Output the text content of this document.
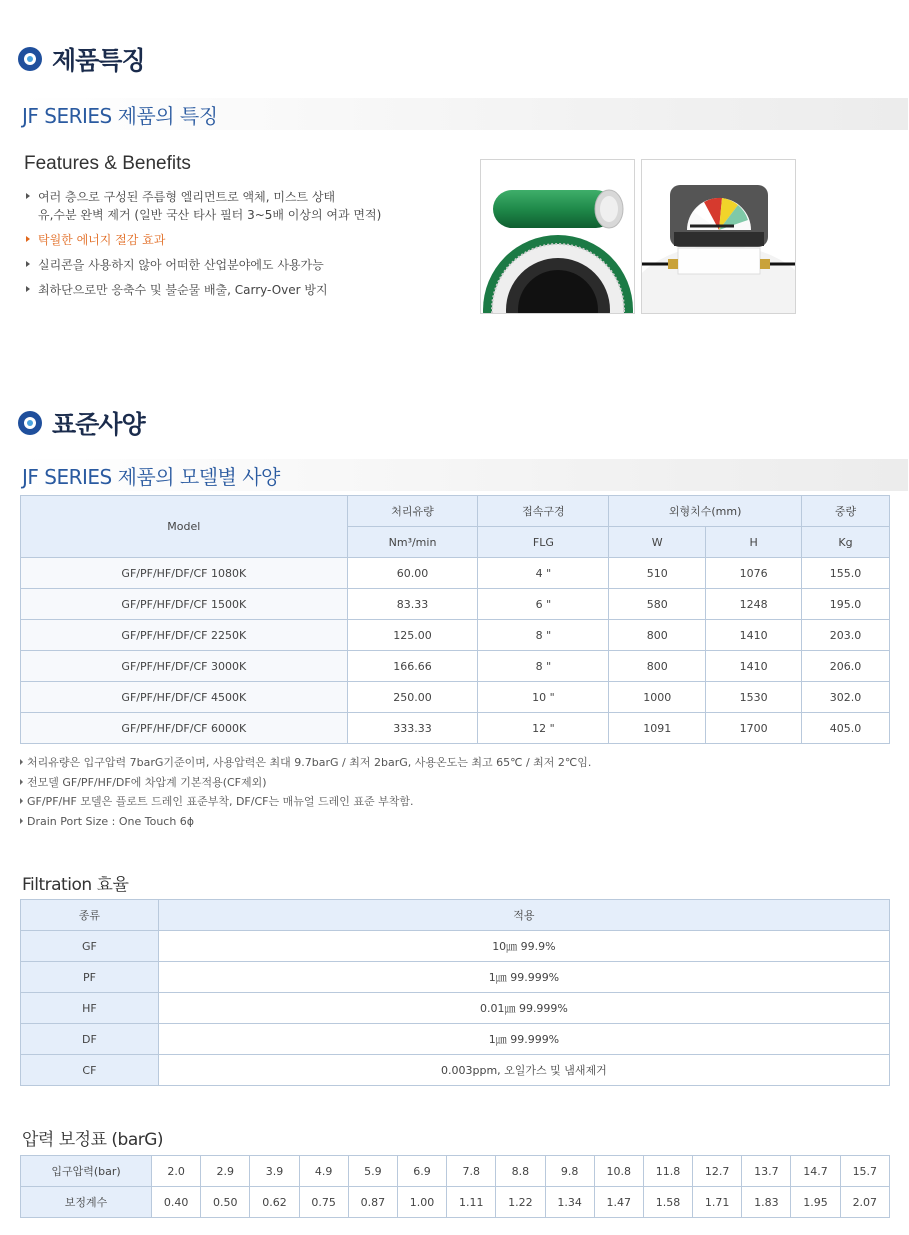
제품특징
JF SERIES 제품의 특징
Features & Benefits
여러 층으로 구성된 주름형 엘리먼트로 액체, 미스트 상태
유,수분 완벽 제거 (일반 국산 타사 필터 3~5배 이상의 여과 면적)
탁월한 에너지 절감 효과
실리콘을 사용하지 않아 어떠한 산업분야에도 사용가능
최하단으로만 응축수 및 불순물 배출, Carry-Over 방지
표준사양
JF SERIES 제품의 모델별 사양
Model	처리유량	접속구경	외형치수(mm)		중량
	Nm³/min	FLG	W	H	Kg
GF/PF/HF/DF/CF 1080K	60.00	4 "	510	1076	155.0
GF/PF/HF/DF/CF 1500K	83.33	6 "	580	1248	195.0
GF/PF/HF/DF/CF 2250K	125.00	8 "	800	1410	203.0
GF/PF/HF/DF/CF 3000K	166.66	8 "	800	1410	206.0
GF/PF/HF/DF/CF 4500K	250.00	10 "	1000	1530	302.0
GF/PF/HF/DF/CF 6000K	333.33	12 "	1091	1700	405.0
처리유량은 입구압력 7barG기준이며, 사용압력은 최대 9.7barG / 최저 2barG, 사용온도는 최고 65℃ / 최저 2℃임.
전모델 GF/PF/HF/DF에 차압계 기본적용(CF제외)
GF/PF/HF 모델은 플로트 드레인 표준부착, DF/CF는 매뉴얼 드레인 표준 부착함.
Drain Port Size : One Touch 6ϕ
Filtration 효율
종류	적용
GF	10㎛ 99.9%
PF	1㎛ 99.999%
HF	0.01㎛ 99.999%
DF	1㎛ 99.999%
CF	0.003ppm, 오일가스 및 냄새제거
압력 보정표 (barG)
입구압력(bar)	2.0	2.9	3.9	4.9	5.9	6.9	7.8	8.8	9.8	10.8	11.8	12.7	13.7	14.7	15.7
보정계수	0.40	0.50	0.62	0.75	0.87	1.00	1.11	1.22	1.34	1.47	1.58	1.71	1.83	1.95	2.07
